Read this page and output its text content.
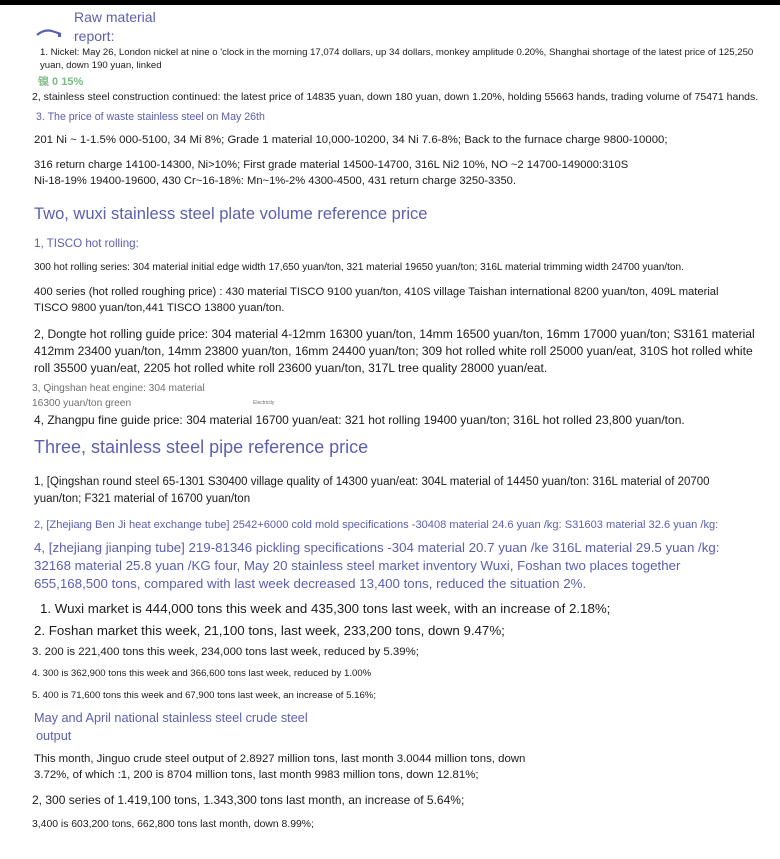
Raw material
report:
1. Nickel: May 26, London nickel at nine o 'clock in the morning 17,074 dollars, up 34 dollars, monkey amplitude 0.20%, Shanghai shortage of the latest price of 125,250 yuan, down 190 yuan, linked
镍 0 15%
2, stainless steel construction continued: the latest price of 14835 yuan, down 180 yuan, down 1.20%, holding 55663 hands, trading volume of 75471 hands.
3. The price of waste stainless steel on May 26th
201 Ni ~ 1-1.5% 000-5100, 34 Mi 8%; Grade 1 material 10,000-10200, 34 Ni 7.6-8%; Back to the furnace charge 9800-10000;
316 return charge 14100-14300, Ni>10%; First grade material 14500-14700, 316L Ni2 10%, NO ~2 14700-149000:310S Ni-18-19% 19400-19600, 430 Cr~16-18%: Mn~1%-2% 4300-4500, 431 return charge 3250-3350.
Two, wuxi stainless steel plate volume reference price
1, TISCO hot rolling:
300 hot rolling series: 304 material initial edge width 17,650 yuan/ton, 321 material 19650 yuan/ton; 316L material trimming width 24700 yuan/ton.
400 series (hot rolled roughing price) : 430 material TISCO 9100 yuan/ton, 410S village Taishan international 8200 yuan/ton, 409L material TISCO 9800 yuan/ton,441 TISCO 13800 yuan/ton.
2, Dongte hot rolling guide price: 304 material 4-12mm 16300 yuan/ton, 14mm 16500 yuan/ton, 16mm 17000 yuan/ton; S3161 material 412mm 23400 yuan/ton, 14mm 23800 yuan/ton, 16mm 24400 yuan/ton; 309 hot rolled white roll 25000 yuan/eat, 310S hot rolled white roll 35500 yuan/eat, 2205 hot rolled white roll 23600 yuan/ton, 317L tree quality 28000 yuan/eat.
3, Qingshan heat engine: 304 material 16300 yuan/ton green	Electricity
4, Zhangpu fine guide price: 304 material 16700 yuan/eat: 321 hot rolling 19400 yuan/ton; 316L hot rolled 23,800 yuan/ton.
Three, stainless steel pipe reference price
1, [Qingshan round steel 65-1301 S30400 village quality of 14300 yuan/eat: 304L material of 14450 yuan/ton: 316L material of 20700 yuan/ton; F321 material of 16700 yuan/ton
2, [Zhejiang Ben Ji heat exchange tube] 2542+6000 cold mold specifications -30408 material 24.6 yuan /kg: S31603 material 32.6 yuan /kg:
4, [zhejiang jianping tube] 219-81346 pickling specifications -304 material 20.7 yuan /ke 316L material 29.5 yuan /kg: 32168 material 25.8 yuan /KG four, May 20 stainless steel market inventory Wuxi, Foshan two places together 655,168,500 tons, compared with last week decreased 13,400 tons, reduced the situation 2%.
1. Wuxi market is 444,000 tons this week and 435,300 tons last week, with an increase of 2.18%;
2. Foshan market this week, 21,100 tons, last week, 233,200 tons, down 9.47%;
3. 200 is 221,400 tons this week, 234,000 tons last week, reduced by 5.39%;
4. 300 is 362,900 tons this week and 366,600 tons last week, reduced by 1.00%
5. 400 is 71,600 tons this week and 67,900 tons last week, an increase of 5.16%;
May and April national stainless steel crude steel
output
This month, Jinguo crude steel output of 2.8927 million tons, last month 3.0044 million tons, down 3.72%, of which :1, 200 is 8704 million tons, last month 9983 million tons, down 12.81%;
2, 300 series of 1.419,100 tons, 1.343,300 tons last month, an increase of 5.64%;
3,400 is 603,200 tons, 662,800 tons last month, down 8.99%;
